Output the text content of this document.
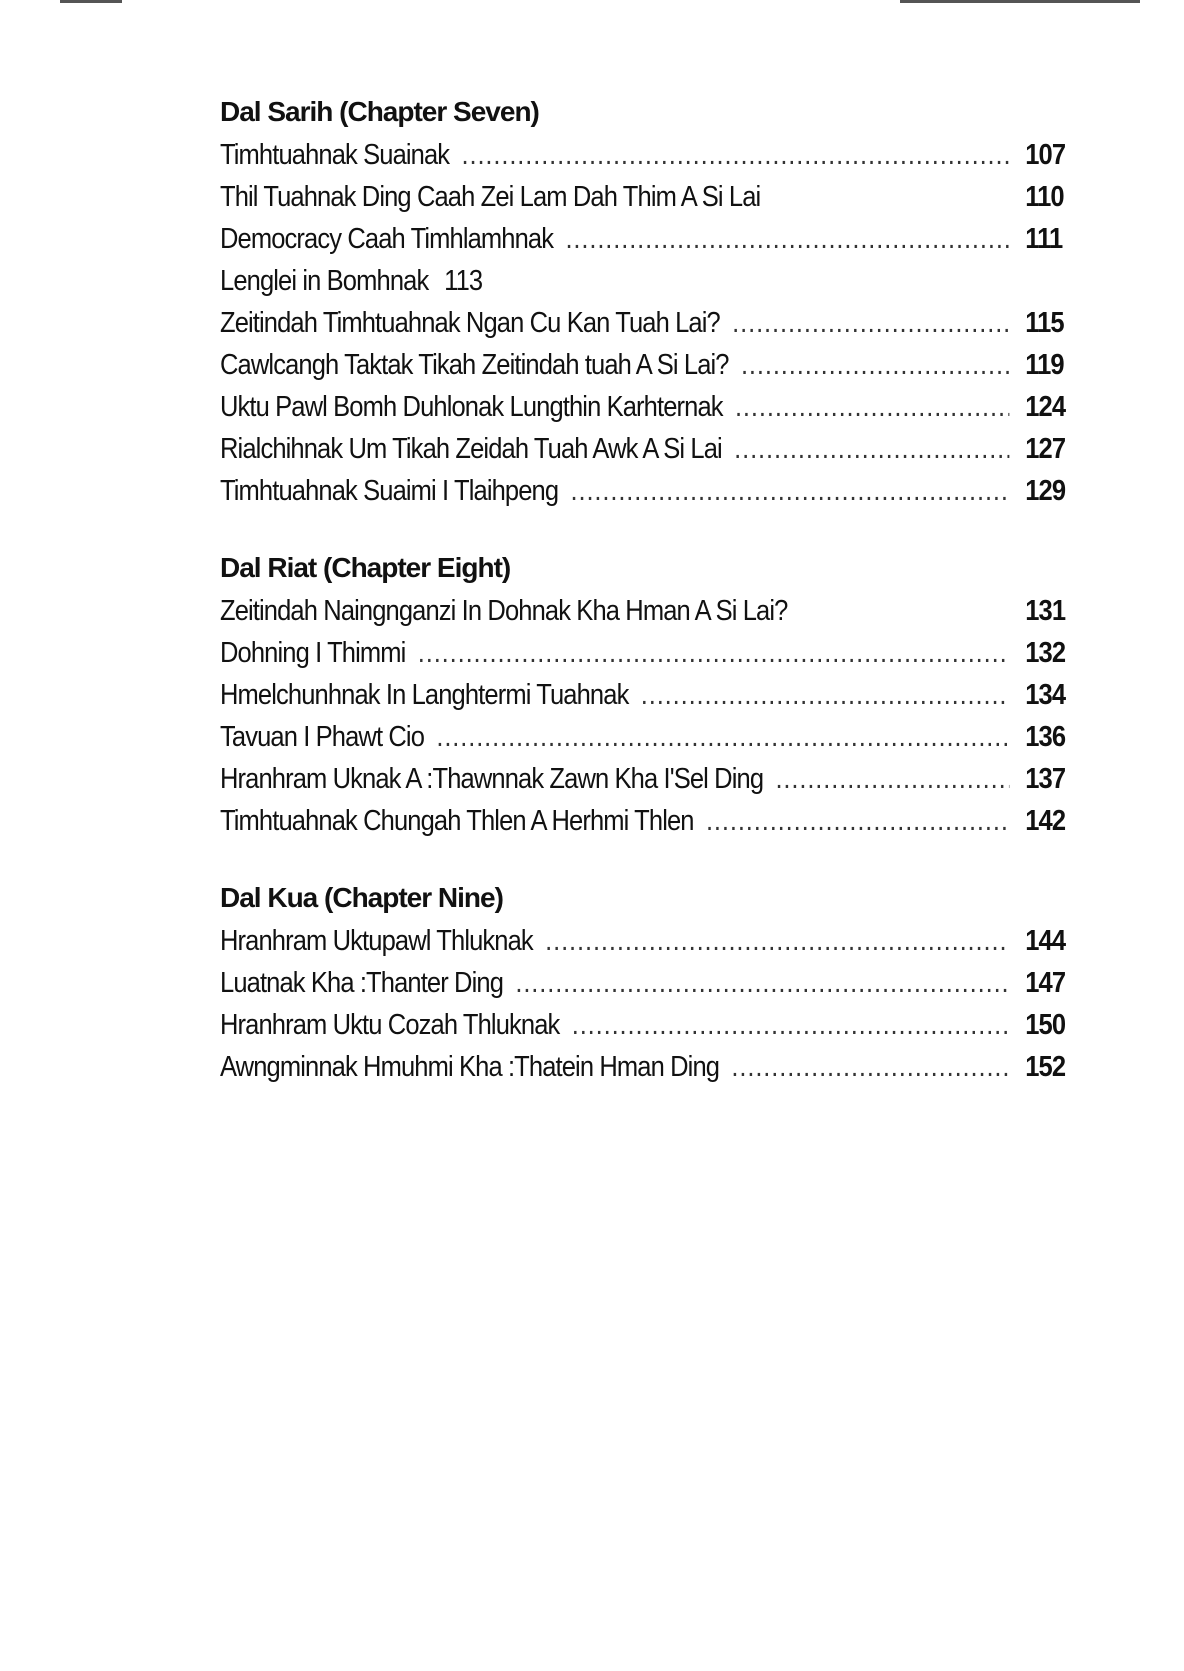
Dal Sarih (Chapter Seven)
Timhtuahnak Suainak .....	107
Thil Tuahnak Ding Caah Zei Lam Dah Thim A Si Lai	110
Democracy Caah Timhlamhnak .....	111
Lenglei in Bomhnak 113
Zeitindah Timhtuahnak Ngan Cu Kan Tuah Lai? .....	115
Cawlcangh Taktak Tikah Zeitindah tuah A Si Lai? .....	119
Uktu Pawl Bomh Duhlonak Lungthin Karhternak .....	124
Rialchihnak Um Tikah Zeidah Tuah Awk A Si Lai .....	127
Timhtuahnak Suaimi I Tlaihpeng .....	129
Dal Riat (Chapter Eight)
Zeitindah Naingnganzi In Dohnak Kha Hman A Si Lai?	131
Dohning I Thimmi .....	132
Hmelchunhnak In Langhtermi Tuahnak .....	134
Tavuan I Phawt Cio .....	136
Hranhram Uknak A :Thawnnak Zawn Kha I'Sel Ding .....	137
Timhtuahnak Chungah Thlen A Herhmi Thlen .....	142
Dal Kua (Chapter Nine)
Hranhram Uktupawl Thluknak .....	144
Luatnak Kha :Thanter Ding .....	147
Hranhram Uktu Cozah Thluknak .....	150
Awngminnak Hmuhmi Kha :Thatein Hman Ding .....	152
